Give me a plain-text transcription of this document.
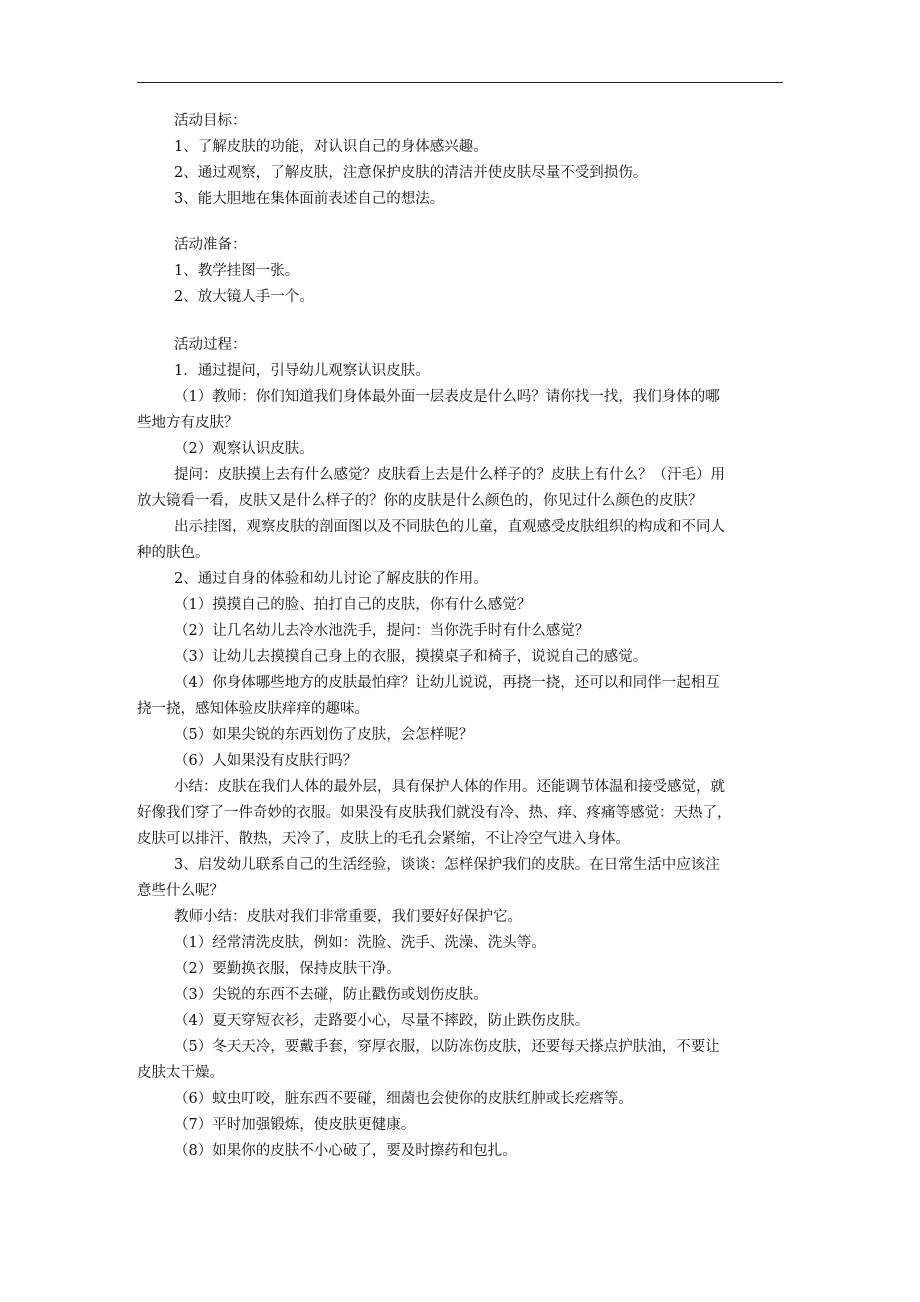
活动目标：
1、了解皮肤的功能，对认识自己的身体感兴趣。
2、通过观察，了解皮肤，注意保护皮肤的清洁并使皮肤尽量不受到损伤。
3、能大胆地在集体面前表述自己的想法。
活动准备：
1、教学挂图一张。
2、放大镜人手一个。
活动过程：
1．通过提问，引导幼儿观察认识皮肤。
（1）教师：你们知道我们身体最外面一层表皮是什么吗？请你找一找，我们身体的哪
些地方有皮肤？
（2）观察认识皮肤。
提问：皮肤摸上去有什么感觉？皮肤看上去是什么样子的？皮肤上有什么？（汗毛）用
放大镜看一看，皮肤又是什么样子的？你的皮肤是什么颜色的，你见过什么颜色的皮肤？
出示挂图，观察皮肤的剖面图以及不同肤色的儿童，直观感受皮肤组织的构成和不同人
种的肤色。
2、通过自身的体验和幼儿讨论了解皮肤的作用。
（1）摸摸自己的脸、拍打自己的皮肤，你有什么感觉？
（2）让几名幼儿去冷水池洗手，提问：当你洗手时有什么感觉？
（3）让幼儿去摸摸自己身上的衣服，摸摸桌子和椅子，说说自己的感觉。
（4）你身体哪些地方的皮肤最怕痒？让幼儿说说，再挠一挠，还可以和同伴一起相互
挠一挠，感知体验皮肤痒痒的趣味。
（5）如果尖锐的东西划伤了皮肤，会怎样呢？
（6）人如果没有皮肤行吗？
小结：皮肤在我们人体的最外层，具有保护人体的作用。还能调节体温和接受感觉，就
好像我们穿了一件奇妙的衣服。如果没有皮肤我们就没有冷、热、痒、疼痛等感觉：天热了，
皮肤可以排汗、散热，天冷了，皮肤上的毛孔会紧缩，不让冷空气进入身体。
3、启发幼儿联系自己的生活经验，谈谈：怎样保护我们的皮肤。在日常生活中应该注
意些什么呢？
教师小结：皮肤对我们非常重要，我们要好好保护它。
（1）经常清洗皮肤，例如：洗脸、洗手、洗澡、洗头等。
（2）要勤换衣服，保持皮肤干净。
（3）尖锐的东西不去碰，防止戳伤或划伤皮肤。
（4）夏天穿短衣衫，走路要小心，尽量不摔跤，防止跌伤皮肤。
（5）冬天天冷，要戴手套，穿厚衣服，以防冻伤皮肤，还要每天搽点护肤油，不要让
皮肤太干燥。
（6）蚊虫叮咬，脏东西不要碰，细菌也会使你的皮肤红肿或长疙瘩等。
（7）平时加强锻炼，使皮肤更健康。
（8）如果你的皮肤不小心破了，要及时擦药和包扎。
